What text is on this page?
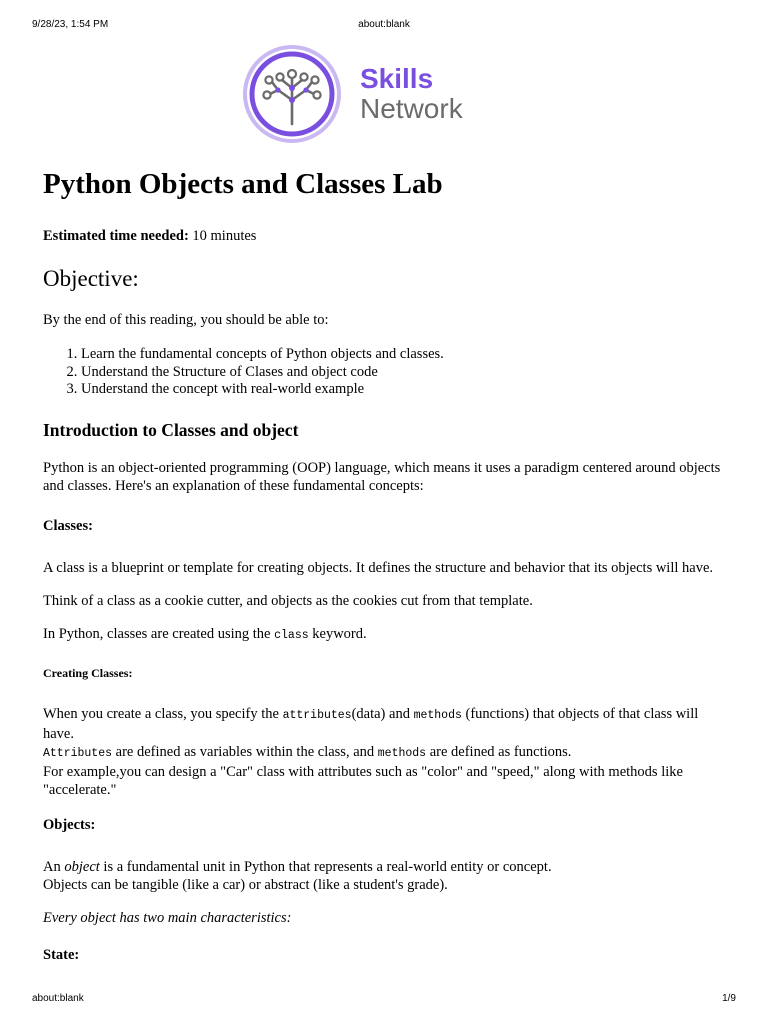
9/28/23, 1:54 PM	about:blank
Skills
Network
Python Objects and Classes Lab

Estimated time needed: 10 minutes

Objective:

By the end of this reading, you should be able to:

1. Learn the fundamental concepts of Python objects and classes.
2. Understand the Structure of Clases and object code
3. Understand the concept with real-world example
Introduction to Classes and object

Python is an object-oriented programming (OOP) language, which means it uses a paradigm centered around objects and classes. Here's an explanation of these fundamental concepts:

Classes:

A class is a blueprint or template for creating objects. It defines the structure and behavior that its objects will have.

Think of a class as a cookie cutter, and objects as the cookies cut from that template.

In Python, classes are created using the class keyword.

Creating Classes:

When you create a class, you specify the attributes(data) and methods (functions) that objects of that class will have.
Attributes are defined as variables within the class, and methods are defined as functions.
For example,you can design a "Car" class with attributes such as "color" and "speed," along with methods like "accelerate."

Objects:

An object is a fundamental unit in Python that represents a real-world entity or concept.
Objects can be tangible (like a car) or abstract (like a student's grade).

Every object has two main characteristics:

State:
about:blank	1/9
